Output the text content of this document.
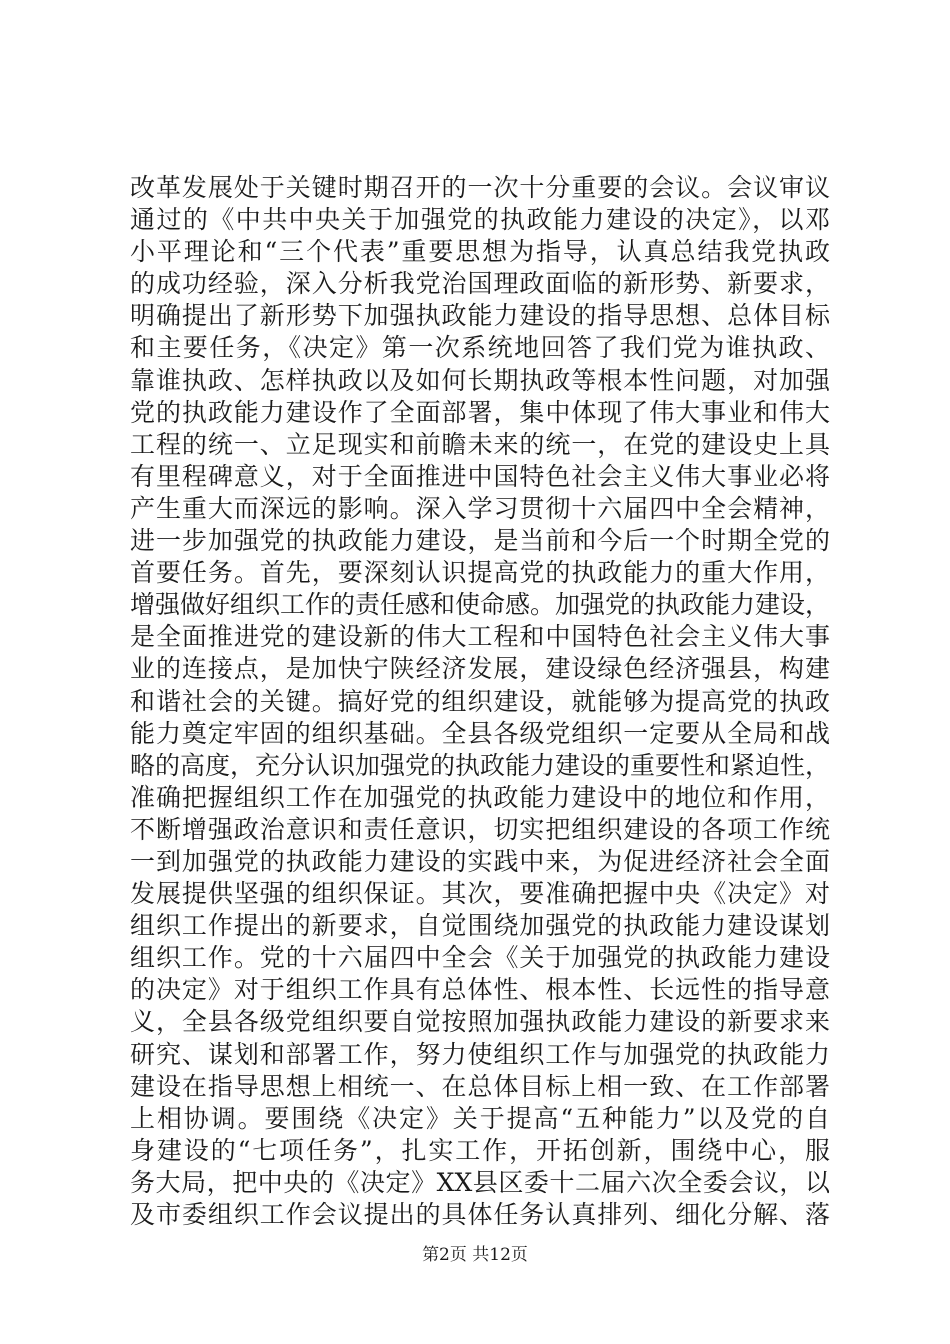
改革发展处于关键时期召开的一次十分重要的会议。会议审议
通过的《中共中央关于加强党的执政能力建设的决定》，以邓
小平理论和“三个代表”重要思想为指导，认真总结我党执政
的成功经验，深入分析我党治国理政面临的新形势、新要求，
明确提出了新形势下加强执政能力建设的指导思想、总体目标
和主要任务，《决定》第一次系统地回答了我们党为谁执政、
靠谁执政、怎样执政以及如何长期执政等根本性问题，对加强
党的执政能力建设作了全面部署，集中体现了伟大事业和伟大
工程的统一、立足现实和前瞻未来的统一，在党的建设史上具
有里程碑意义，对于全面推进中国特色社会主义伟大事业必将
产生重大而深远的影响。深入学习贯彻十六届四中全会精神，
进一步加强党的执政能力建设，是当前和今后一个时期全党的
首要任务。首先，要深刻认识提高党的执政能力的重大作用，
增强做好组织工作的责任感和使命感。加强党的执政能力建设，
是全面推进党的建设新的伟大工程和中国特色社会主义伟大事
业的连接点，是加快宁陕经济发展，建设绿色经济强县，构建
和谐社会的关键。搞好党的组织建设，就能够为提高党的执政
能力奠定牢固的组织基础。全县各级党组织一定要从全局和战
略的高度，充分认识加强党的执政能力建设的重要性和紧迫性，
准确把握组织工作在加强党的执政能力建设中的地位和作用，
不断增强政治意识和责任意识，切实把组织建设的各项工作统
一到加强党的执政能力建设的实践中来，为促进经济社会全面
发展提供坚强的组织保证。其次，要准确把握中央《决定》对
组织工作提出的新要求，自觉围绕加强党的执政能力建设谋划
组织工作。党的十六届四中全会《关于加强党的执政能力建设
的决定》对于组织工作具有总体性、根本性、长远性的指导意
义，全县各级党组织要自觉按照加强执政能力建设的新要求来
研究、谋划和部署工作，努力使组织工作与加强党的执政能力
建设在指导思想上相统一、在总体目标上相一致、在工作部署
上相协调。要围绕《决定》关于提高“五种能力”以及党的自
身建设的“七项任务”，扎实工作，开拓创新，围绕中心，服
务大局，把中央的《决定》XX县区委十二届六次全委会议，以
及市委组织工作会议提出的具体任务认真排列、细化分解、落
第2页 共12页
